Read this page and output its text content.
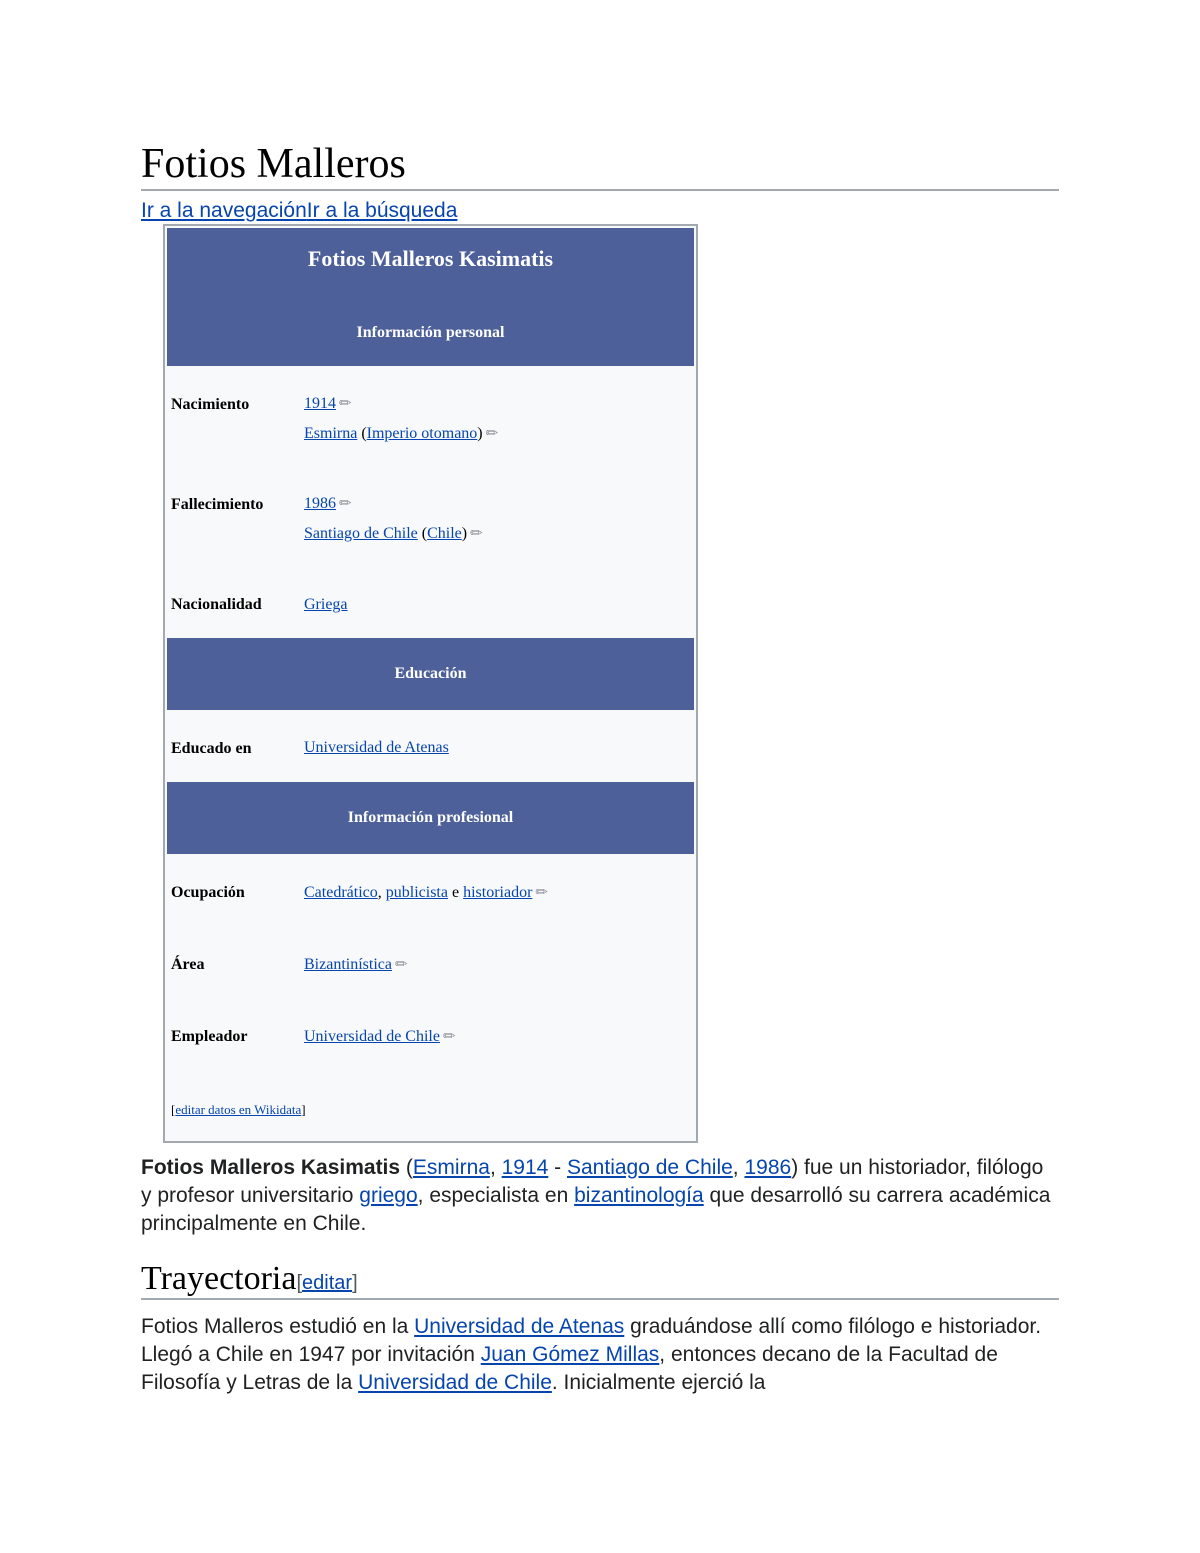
Fotios Malleros
Ir a la navegaciónIr a la búsqueda
Fotios Malleros Kasimatis
Información personal
Nacimiento	1914 ✏
Esmirna (Imperio otomano) ✏
Fallecimiento	1986 ✏
Santiago de Chile (Chile) ✏
Nacionalidad	Griega
Educación
Educado en	Universidad de Atenas
Información profesional
Ocupación	Catedrático, publicista e historiador ✏
Área	Bizantinística ✏
Empleador	Universidad de Chile ✏
[editar datos en Wikidata]

Fotios Malleros Kasimatis (Esmirna, 1914 - Santiago de Chile, 1986) fue un historiador, filólogo y profesor universitario griego, especialista en bizantinología que desarrolló su carrera académica principalmente en Chile.

Trayectoria[editar]

Fotios Malleros estudió en la Universidad de Atenas graduándose allí como filólogo e historiador. Llegó a Chile en 1947 por invitación Juan Gómez Millas, entonces decano de la Facultad de Filosofía y Letras de la Universidad de Chile. Inicialmente ejerció la
